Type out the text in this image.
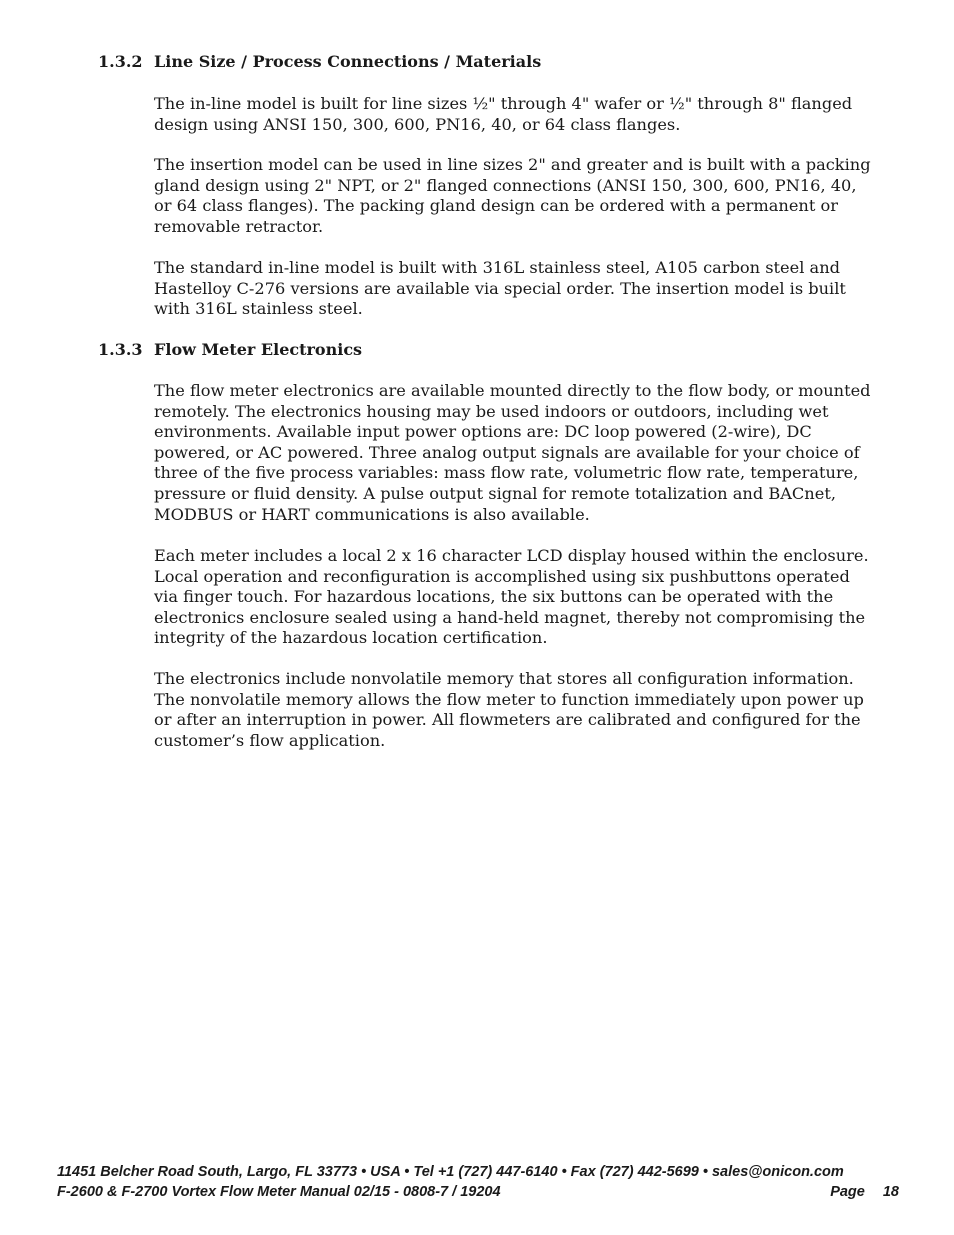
1.3.2 Line Size / Process Connections / Materials

The in-line model is built for line sizes ½" through 4" wafer or ½" through 8" flanged design using ANSI 150, 300, 600, PN16, 40, or 64 class flanges.

The insertion model can be used in line sizes 2" and greater and is built with a packing gland design using 2" NPT, or 2" flanged connections (ANSI 150, 300, 600, PN16, 40, or 64 class flanges). The packing gland design can be ordered with a permanent or removable retractor.

The standard in-line model is built with 316L stainless steel, A105 carbon steel and Hastelloy C-276 versions are available via special order. The insertion model is built with 316L stainless steel.

1.3.3 Flow Meter Electronics

The flow meter electronics are available mounted directly to the flow body, or mounted remotely. The electronics housing may be used indoors or outdoors, including wet environments. Available input power options are: DC loop powered (2-wire), DC powered, or AC powered. Three analog output signals are available for your choice of three of the five process variables: mass flow rate, volumetric flow rate, temperature, pressure or fluid density. A pulse output signal for remote totalization and BACnet, MODBUS or HART communications is also available.

Each meter includes a local 2 x 16 character LCD display housed within the enclosure. Local operation and reconfiguration is accomplished using six pushbuttons operated via finger touch. For hazardous locations, the six buttons can be operated with the electronics enclosure sealed using a hand-held magnet, thereby not compromising the integrity of the hazardous location certification.

The electronics include nonvolatile memory that stores all configuration information. The nonvolatile memory allows the flow meter to function immediately upon power up or after an interruption in power. All flowmeters are calibrated and configured for the customer’s flow application.

11451 Belcher Road South, Largo, FL 33773 • USA • Tel +1 (727) 447-6140 • Fax (727) 442-5699 • sales@onicon.com
F-2600 & F-2700 Vortex Flow Meter Manual 02/15 - 0808-7 / 19204	Page 18
